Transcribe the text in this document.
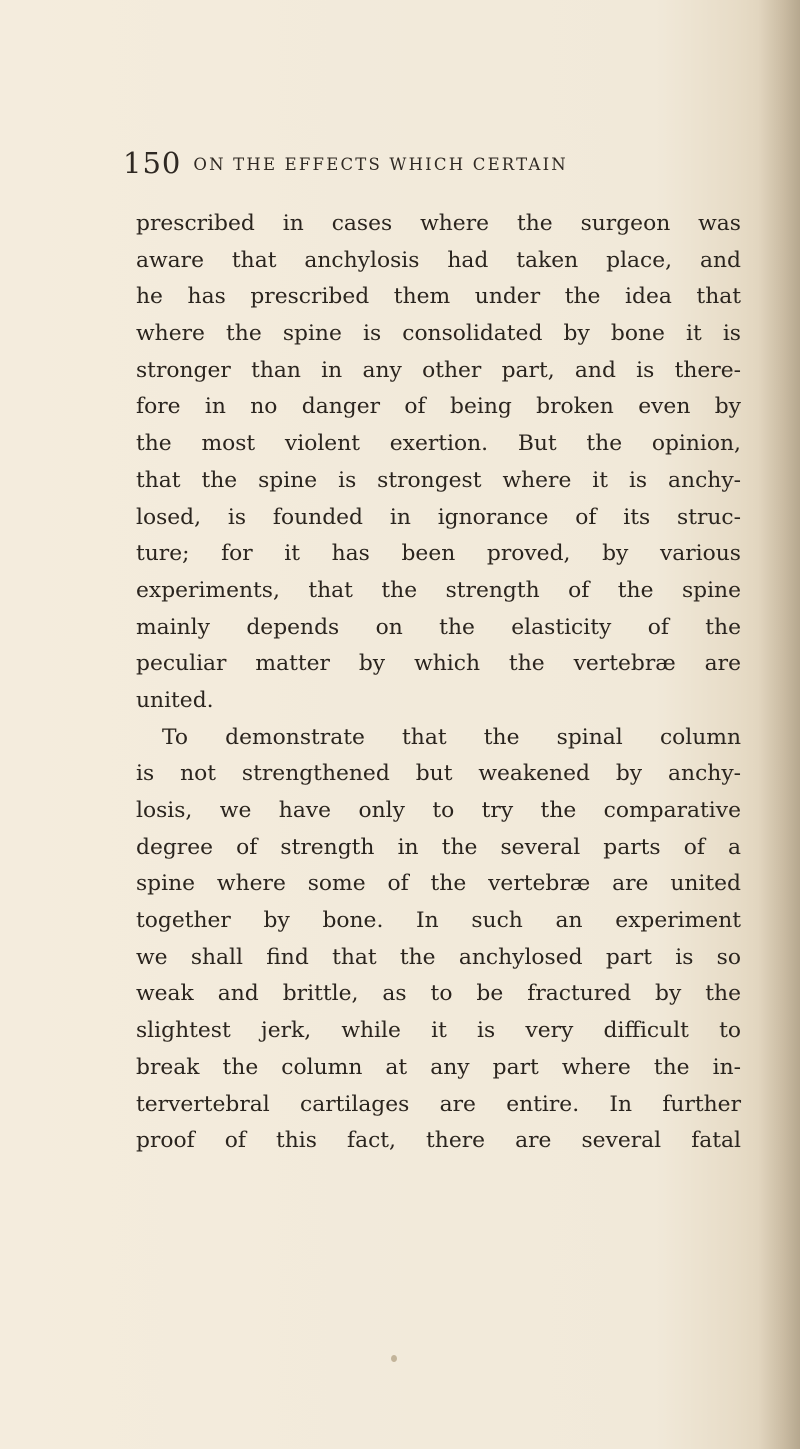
150 ON THE EFFECTS WHICH CERTAIN
prescribed in cases where the surgeon was
aware that anchylosis had taken place, and
he has prescribed them under the idea that
where the spine is consolidated by bone it is
stronger than in any other part, and is there-
fore in no danger of being broken even by
the most violent exertion. But the opinion,
that the spine is strongest where it is anchy-
losed, is founded in ignorance of its struc-
ture; for it has been proved, by various
experiments, that the strength of the spine
mainly depends on the elasticity of the
peculiar matter by which the vertebræ are
united.
To demonstrate that the spinal column
is not strengthened but weakened by anchy-
losis, we have only to try the comparative
degree of strength in the several parts of a
spine where some of the vertebræ are united
together by bone. In such an experiment
we shall find that the anchylosed part is so
weak and brittle, as to be fractured by the
slightest jerk, while it is very difficult to
break the column at any part where the in-
tervertebral cartilages are entire. In further
proof of this fact, there are several fatal
